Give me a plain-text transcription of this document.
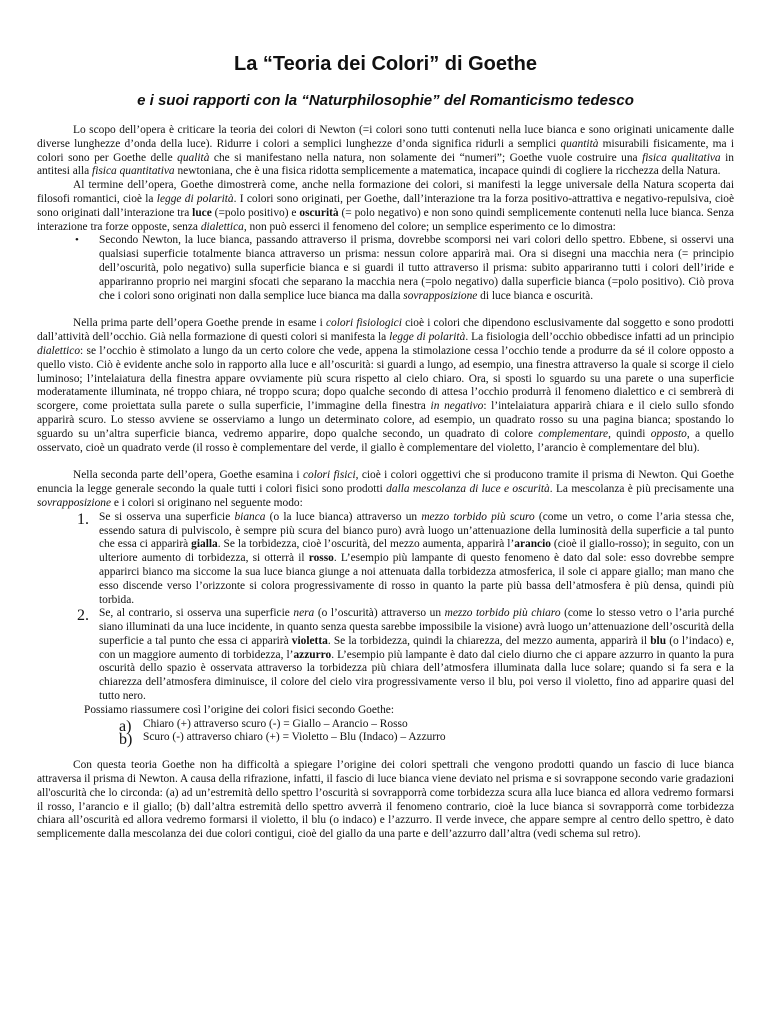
La “Teoria dei Colori” di Goethe
e i suoi rapporti con la “Naturphilosophie” del Romanticismo tedesco

Lo scopo dell’opera è criticare la teoria dei colori di Newton (=i colori sono tutti contenuti nella luce bianca e sono originati unicamente dalle diverse lunghezze d’onda della luce). Ridurre i colori a semplici lunghezze d’onda significa ridurli a semplici quantità misurabili fisicamente, ma i colori sono per Goethe delle qualità che si manifestano nella natura, non solamente dei “numeri”; Goethe vuole costruire una fisica qualitativa in antitesi alla fisica quantitativa newtoniana, che è una fisica ridotta semplicemente a matematica, incapace quindi di cogliere la ricchezza della Natura.

Al termine dell’opera, Goethe dimostrerà come, anche nella formazione dei colori, si manifesti la legge universale della Natura scoperta dai filosofi romantici, cioè la legge di polarità. I colori sono originati, per Goethe, dall’interazione tra la forza positivo-attrattiva e negativo-repulsiva, cioè sono originati dall’interazione tra luce (=polo positivo) e oscurità (= polo negativo) e non sono quindi semplicemente contenuti nella luce bianca. Senza interazione tra forze opposte, senza dialettica, non può esserci il fenomeno del colore; un semplice esperimento ce lo dimostra:

• Secondo Newton, la luce bianca, passando attraverso il prisma, dovrebbe scomporsi nei vari colori dello spettro. Ebbene, si osservi una qualsiasi superficie totalmente bianca attraverso un prisma: nessun colore apparirà mai. Ora si disegni una macchia nera (= principio dell’oscurità, polo negativo) sulla superficie bianca e si guardi il tutto attraverso il prisma: subito appariranno tutti i colori dell’iride e appariranno proprio nei margini sfocati che separano la macchia nera (=polo negativo) dalla superficie bianca (=polo positivo). Ciò prova che i colori sono originati non dalla semplice luce bianca ma dalla sovrapposizione di luce bianca e oscurità.

Nella prima parte dell’opera Goethe prende in esame i colori fisiologici cioè i colori che dipendono esclusivamente dal soggetto e sono prodotti dall’attività dell’occhio. Già nella formazione di questi colori si manifesta la legge di polarità. La fisiologia dell’occhio obbedisce infatti ad un principio dialettico: se l’occhio è stimolato a lungo da un certo colore che vede, appena la stimolazione cessa l’occhio tende a produrre da sé il colore opposto a quello visto. Ciò è evidente anche solo in rapporto alla luce e all’oscurità: si guardi a lungo, ad esempio, una finestra attraverso la quale si scorge il cielo luminoso; l’intelaiatura della finestra appare ovviamente più scura rispetto al cielo chiaro. Ora, si sposti lo sguardo su una parete o una superficie moderatamente illuminata, né troppo chiara, né troppo scura; dopo qualche secondo di attesa l’occhio produrrà il fenomeno dialettico e ci sembrerà di scorgere, come proiettata sulla parete o sulla superficie, l’immagine della finestra in negativo: l’intelaiatura apparirà chiara e il cielo sullo sfondo apparirà scuro. Lo stesso avviene se osserviamo a lungo un determinato colore, ad esempio, un quadrato rosso su una pagina bianca; spostando lo sguardo su un’altra superficie bianca, vedremo apparire, dopo qualche secondo, un quadrato di colore complementare, quindi opposto, a quello osservato, cioè un quadrato verde (il rosso è complementare del verde, il giallo è complementare del violetto, l’arancio è complementare del blu).

Nella seconda parte dell’opera, Goethe esamina i colori fisici, cioè i colori oggettivi che si producono tramite il prisma di Newton. Qui Goethe enuncia la legge generale secondo la quale tutti i colori fisici sono prodotti dalla mescolanza di luce e oscurità. La mescolanza è più precisamente una sovrapposizione e i colori si originano nel seguente modo:

1. Se si osserva una superficie bianca (o la luce bianca) attraverso un mezzo torbido più scuro (come un vetro, o come l’aria stessa che, essendo satura di pulviscolo, è sempre più scura del bianco puro) avrà luogo un’attenuazione della luminosità della superficie a tal punto che essa ci apparirà gialla. Se la torbidezza, cioè l’oscurità, del mezzo aumenta, apparirà l’arancio (cioè il giallo-rosso); in seguito, con un ulteriore aumento di torbidezza, si otterrà il rosso. L’esempio più lampante di questo fenomeno è dato dal sole: esso dovrebbe sempre apparirci bianco ma siccome la sua luce bianca giunge a noi attenuata dalla torbidezza atmosferica, il sole ci appare giallo; man mano che esso discende verso l’orizzonte si colora progressivamente di rosso in quanto la parte più bassa dell’atmosfera è più densa, quindi più torbida.

2. Se, al contrario, si osserva una superficie nera (o l’oscurità) attraverso un mezzo torbido più chiaro (come lo stesso vetro o l’aria purché siano illuminati da una luce incidente, in quanto senza questa sarebbe impossibile la visione) avrà luogo un’attenuazione dell’oscurità della superficie a tal punto che essa ci apparirà violetta. Se la torbidezza, quindi la chiarezza, del mezzo aumenta, apparirà il blu (o l’indaco) e, con un maggiore aumento di torbidezza, l’azzurro. L’esempio più lampante è dato dal cielo diurno che ci appare azzurro in quanto la pura oscurità dello spazio è osservata attraverso la torbidezza più chiara dell’atmosfera illuminata dalla luce solare; quando si fa sera e la chiarezza dell’atmosfera diminuisce, il colore del cielo vira progressivamente verso il blu, poi verso il violetto, fino ad apparire quasi del tutto nero.

Possiamo riassumere così l’origine dei colori fisici secondo Goethe:

a) Chiaro (+) attraverso scuro (-) = Giallo – Arancio – Rosso

b) Scuro (-) attraverso chiaro (+) = Violetto – Blu (Indaco) – Azzurro

Con questa teoria Goethe non ha difficoltà a spiegare l’origine dei colori spettrali che vengono prodotti quando un fascio di luce bianca attraversa il prisma di Newton. A causa della rifrazione, infatti, il fascio di luce bianca viene deviato nel prisma e si sovrappone secondo varie gradazioni all'oscurità che lo circonda: (a) ad un’estremità dello spettro l’oscurità si sovrapporrà come torbidezza scura alla luce bianca ed allora vedremo formarsi il rosso, l’arancio e il giallo; (b) dall’altra estremità dello spettro avverrà il fenomeno contrario, cioè la luce bianca si sovrapporrà come torbidezza chiara all’oscurità ed allora vedremo formarsi il violetto, il blu (o indaco) e l’azzurro. Il verde invece, che appare sempre al centro dello spettro, è dato semplicemente dalla mescolanza dei due colori contigui, cioè del giallo da una parte e dell’azzurro dall’altra (vedi schema sul retro).
